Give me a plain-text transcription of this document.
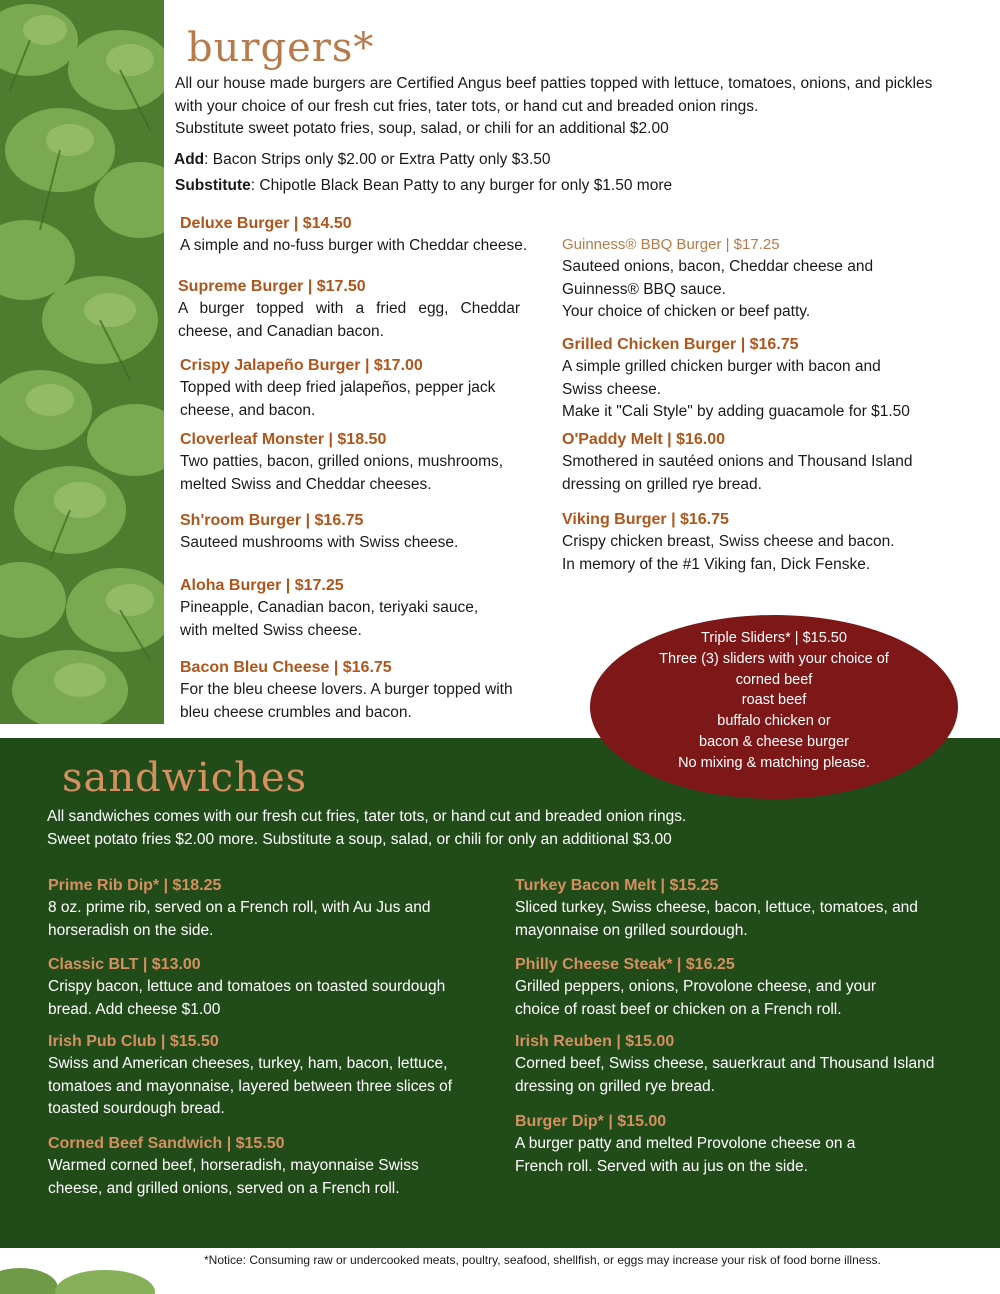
burgers*

All our house made burgers are Certified Angus beef patties topped with lettuce, tomatoes, onions, and pickles

with your choice of our fresh cut fries, tater tots, or hand cut and breaded onion rings.

Substitute sweet potato fries, soup, salad, or chili for an additional $2.00

Add: Bacon Strips only $2.00 or Extra Patty only $3.50
Substitute: Chipotle Black Bean Patty to any burger for only $1.50 more
Deluxe Burger | $14.50
A simple and no-fuss burger with Cheddar cheese.
Supreme Burger | $17.50
A burger topped with a fried egg, Cheddar
cheese, and Canadian bacon.
Crispy Jalapeño Burger | $17.00
Topped with deep fried jalapeños, pepper jack
cheese, and bacon.
Cloverleaf Monster | $18.50
Two patties, bacon, grilled onions, mushrooms,
melted Swiss and Cheddar cheeses.
Sh'room Burger | $16.75
Sauteed mushrooms with Swiss cheese.
Aloha Burger | $17.25
Pineapple, Canadian bacon, teriyaki sauce,
with melted Swiss cheese.
Bacon Bleu Cheese | $16.75
For the bleu cheese lovers. A burger topped with
bleu cheese crumbles and bacon.
Guinness® BBQ Burger | $17.25
Sauteed onions, bacon, Cheddar cheese and
Guinness® BBQ sauce.
Your choice of chicken or beef patty.
Grilled Chicken Burger | $16.75
A simple grilled chicken burger with bacon and
Swiss cheese.
Make it "Cali Style" by adding guacamole for $1.50
O'Paddy Melt | $16.00
Smothered in sautéed onions and Thousand Island
dressing on grilled rye bread.
Viking Burger | $16.75
Crispy chicken breast, Swiss cheese and bacon.
In memory of the #1 Viking fan, Dick Fenske.
sandwiches

All sandwiches comes with our fresh cut fries, tater tots, or hand cut and breaded onion rings.

Sweet potato fries $2.00 more. Substitute a soup, salad, or chili for only an additional $3.00

Prime Rib Dip* | $18.25
8 oz. prime rib, served on a French roll, with Au Jus and
horseradish on the side.
Classic BLT | $13.00
Crispy bacon, lettuce and tomatoes on toasted sourdough
bread. Add cheese $1.00
Irish Pub Club | $15.50
Swiss and American cheeses, turkey, ham, bacon, lettuce,
tomatoes and mayonnaise, layered between three slices of
toasted sourdough bread.
Corned Beef Sandwich | $15.50
Warmed corned beef, horseradish, mayonnaise Swiss
cheese, and grilled onions, served on a French roll.
Turkey Bacon Melt | $15.25
Sliced turkey, Swiss cheese, bacon, lettuce, tomatoes, and
mayonnaise on grilled sourdough.
Philly Cheese Steak* | $16.25
Grilled peppers, onions, Provolone cheese, and your
choice of roast beef or chicken on a French roll.
Irish Reuben | $15.00
Corned beef, Swiss cheese, sauerkraut and Thousand Island
dressing on grilled rye bread.
Burger Dip* | $15.00
A burger patty and melted Provolone cheese on a
French roll. Served with au jus on the side.
Triple Sliders* | $15.50
Three (3) sliders with your choice of
corned beef
roast beef
buffalo chicken or
bacon & cheese burger
No mixing & matching please.
*Notice: Consuming raw or undercooked meats, poultry, seafood, shellfish, or eggs may increase your risk of food borne illness.
